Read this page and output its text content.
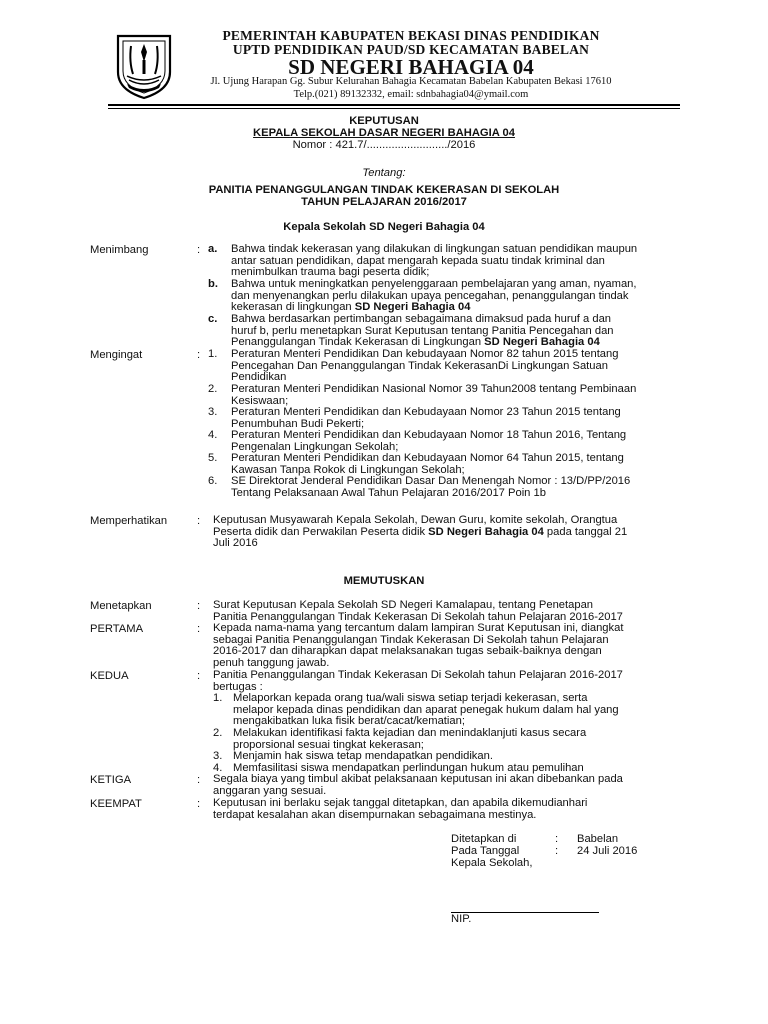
PEMERINTAH KABUPATEN BEKASI DINAS PENDIDIKAN
UPTD PENDIDIKAN PAUD/SD KECAMATAN BABELAN
SD NEGERI BAHAGIA 04
Jl. Ujung Harapan Gg. Subur Kelurahan Bahagia Kecamatan Babelan Kabupaten Bekasi 17610
Telp.(021) 89132332, email: sdnbahagia04@ymail.com
KEPUTUSAN
KEPALA SEKOLAH DASAR NEGERI BAHAGIA 04
Nomor : 421.7/........................../2016
Tentang:
PANITIA PENANGGULANGAN TINDAK KEKERASAN DI SEKOLAH
TAHUN PELAJARAN 2016/2017
Kepala Sekolah SD Negeri Bahagia 04
Menimbang	: a. Bahwa tindak kekerasan yang dilakukan di lingkungan satuan pendidikan maupun
antar satuan pendidikan, dapat mengarah kepada suatu tindak kriminal dan
menimbulkan trauma bagi peserta didik;
b. Bahwa untuk meningkatkan penyelenggaraan pembelajaran yang aman, nyaman,
dan menyenangkan perlu dilakukan upaya pencegahan, penanggulangan tindak
kekerasan di lingkungan SD Negeri Bahagia 04
c. Bahwa berdasarkan pertimbangan sebagaimana dimaksud pada huruf a dan
huruf b, perlu menetapkan Surat Keputusan tentang Panitia Pencegahan dan
Penanggulangan Tindak Kekerasan di Lingkungan SD Negeri Bahagia 04
Mengingat	: 1. Peraturan Menteri Pendidikan Dan kebudayaan Nomor 82 tahun 2015 tentang
Pencegahan Dan Penanggulangan Tindak KekerasanDi Lingkungan Satuan
Pendidikan
2. Peraturan Menteri Pendidikan Nasional Nomor 39 Tahun2008 tentang Pembinaan
Kesiswaan;
3. Peraturan Menteri Pendidikan dan Kebudayaan Nomor 23 Tahun 2015 tentang
Penumbuhan Budi Pekerti;
4. Peraturan Menteri Pendidikan dan Kebudayaan Nomor 18 Tahun 2016, Tentang
Pengenalan Lingkungan Sekolah;
5. Peraturan Menteri Pendidikan dan Kebudayaan Nomor 64 Tahun 2015, tentang
Kawasan Tanpa Rokok di Lingkungan Sekolah;
6. SE Direktorat Jenderal Pendidikan Dasar Dan Menengah Nomor : 13/D/PP/2016
Tentang Pelaksanaan Awal Tahun Pelajaran 2016/2017 Poin 1b
Memperhatikan	: Keputusan Musyawarah Kepala Sekolah, Dewan Guru, komite sekolah, Orangtua
Peserta didik dan Perwakilan Peserta didik SD Negeri Bahagia 04 pada tanggal 21
Juli 2016
MEMUTUSKAN
Menetapkan	: Surat Keputusan Kepala Sekolah SD Negeri Kamalapau, tentang Penetapan
Panitia Penanggulangan Tindak Kekerasan Di Sekolah tahun Pelajaran 2016-2017
PERTAMA	: Kepada nama-nama yang tercantum dalam lampiran Surat Keputusan ini, diangkat
sebagai Panitia Penanggulangan Tindak Kekerasan Di Sekolah tahun Pelajaran
2016-2017 dan diharapkan dapat melaksanakan tugas sebaik-baiknya dengan
penuh tanggung jawab.
KEDUA	: Panitia Penanggulangan Tindak Kekerasan Di Sekolah tahun Pelajaran 2016-2017
bertugas :
1. Melaporkan kepada orang tua/wali siswa setiap terjadi kekerasan, serta
melapor kepada dinas pendidikan dan aparat penegak hukum dalam hal yang
mengakibatkan luka fisik berat/cacat/kematian;
2. Melakukan identifikasi fakta kejadian dan menindaklanjuti kasus secara
proporsional sesuai tingkat kekerasan;
3. Menjamin hak siswa tetap mendapatkan pendidikan.
4. Memfasilitasi siswa mendapatkan perlindungan hukum atau pemulihan
KETIGA	: Segala biaya yang timbul akibat pelaksanaan keputusan ini akan dibebankan pada
anggaran yang sesuai.
KEEMPAT	: Keputusan ini berlaku sejak tanggal ditetapkan, dan apabila dikemudianhari
terdapat kesalahan akan disempurnakan sebagaimana mestinya.
Ditetapkan di	: Babelan
Pada Tanggal	: 24 Juli 2016
Kepala Sekolah,
NIP.
